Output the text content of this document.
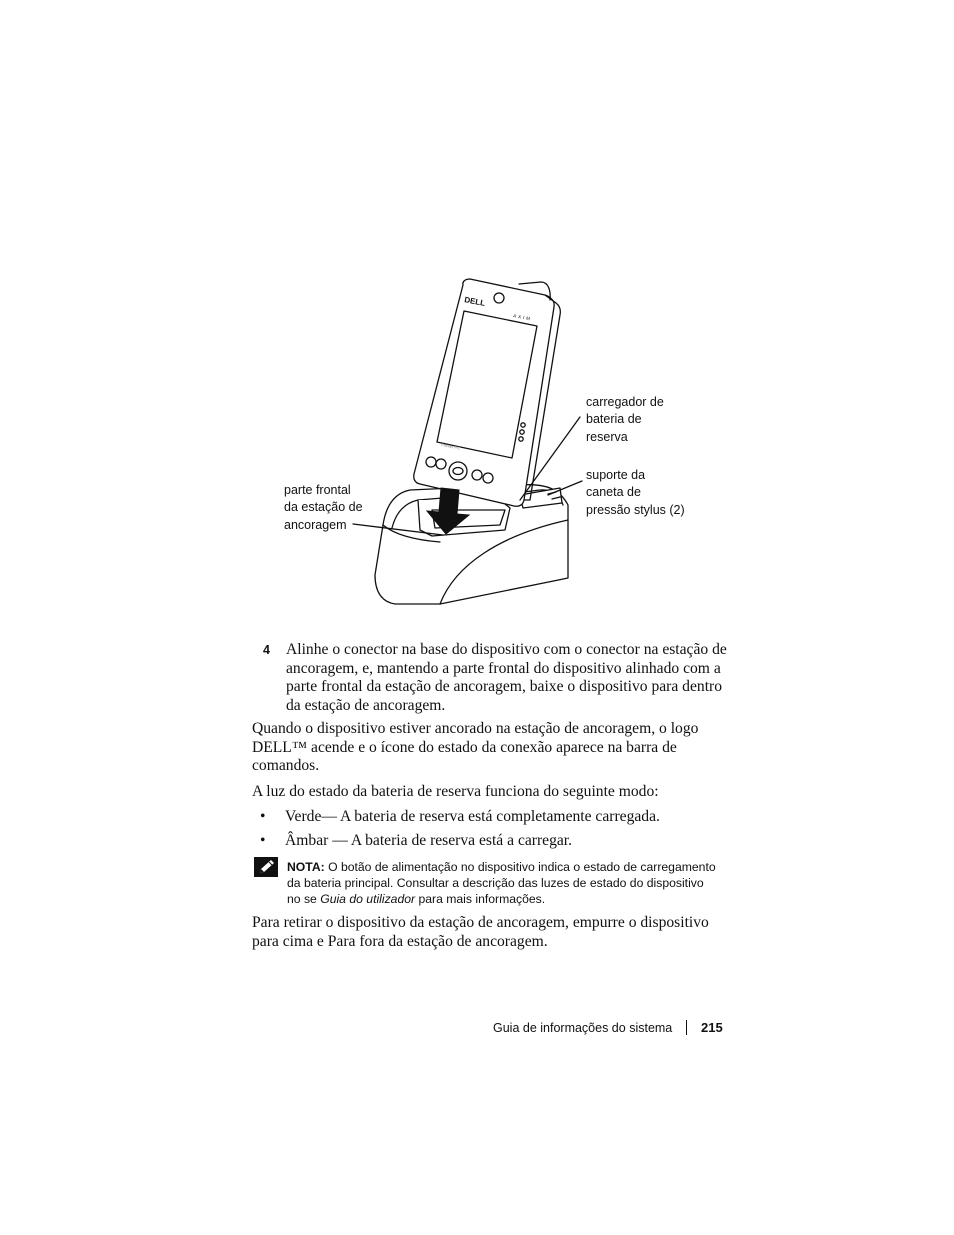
DELL
AXIM
Pocket PC
carregador de
bateria de
reserva
suporte da
caneta de
pressão stylus (2)
parte frontal
da estação de
ancoragem
4 Alinhe o conector na base do dispositivo com o conector na estação de
ancoragem, e, mantendo a parte frontal do dispositivo alinhado com a
parte frontal da estação de ancoragem, baixe o dispositivo para dentro
da estação de ancoragem.
Quando o dispositivo estiver ancorado na estação de ancoragem, o logo
DELL™ acende e o ícone do estado da conexão aparece na barra de
comandos.
A luz do estado da bateria de reserva funciona do seguinte modo:
• Verde— A bateria de reserva está completamente carregada.
• Âmbar — A bateria de reserva está a carregar.
NOTA: O botão de alimentação no dispositivo indica o estado de carregamento
da bateria principal. Consultar a descrição das luzes de estado do dispositivo
no se Guia do utilizador para mais informações.
Para retirar o dispositivo da estação de ancoragem, empurre o dispositivo
para cima e Para fora da estação de ancoragem.
Guia de informações do sistema 215
